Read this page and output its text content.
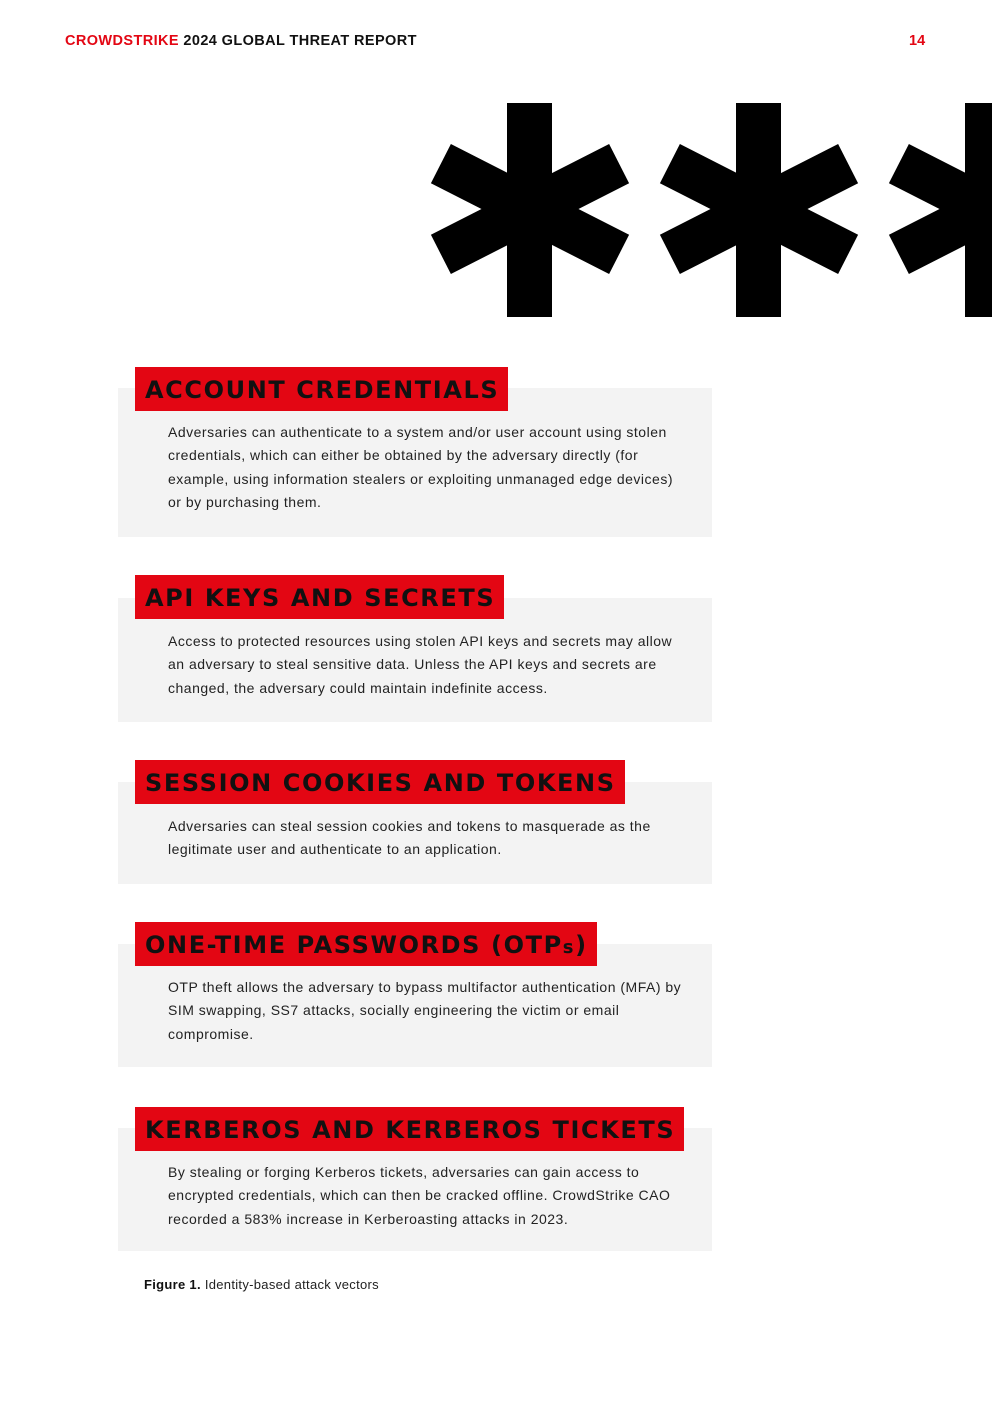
CROWDSTRIKE 2024 GLOBAL THREAT REPORT	14
ACCOUNT CREDENTIALS
Adversaries can authenticate to a system and/or user account using stolen credentials, which can either be obtained by the adversary directly (for example, using information stealers or exploiting unmanaged edge devices) or by purchasing them.
API KEYS AND SECRETS
Access to protected resources using stolen API keys and secrets may allow an adversary to steal sensitive data. Unless the API keys and secrets are changed, the adversary could maintain indefinite access.
SESSION COOKIES AND TOKENS
Adversaries can steal session cookies and tokens to masquerade as the legitimate user and authenticate to an application.
ONE-TIME PASSWORDS (OTPs)
OTP theft allows the adversary to bypass multifactor authentication (MFA) by SIM swapping, SS7 attacks, socially engineering the victim or email compromise.
KERBEROS AND KERBEROS TICKETS
By stealing or forging Kerberos tickets, adversaries can gain access to encrypted credentials, which can then be cracked offline. CrowdStrike CAO recorded a 583% increase in Kerberoasting attacks in 2023.
Figure 1. Identity-based attack vectors
